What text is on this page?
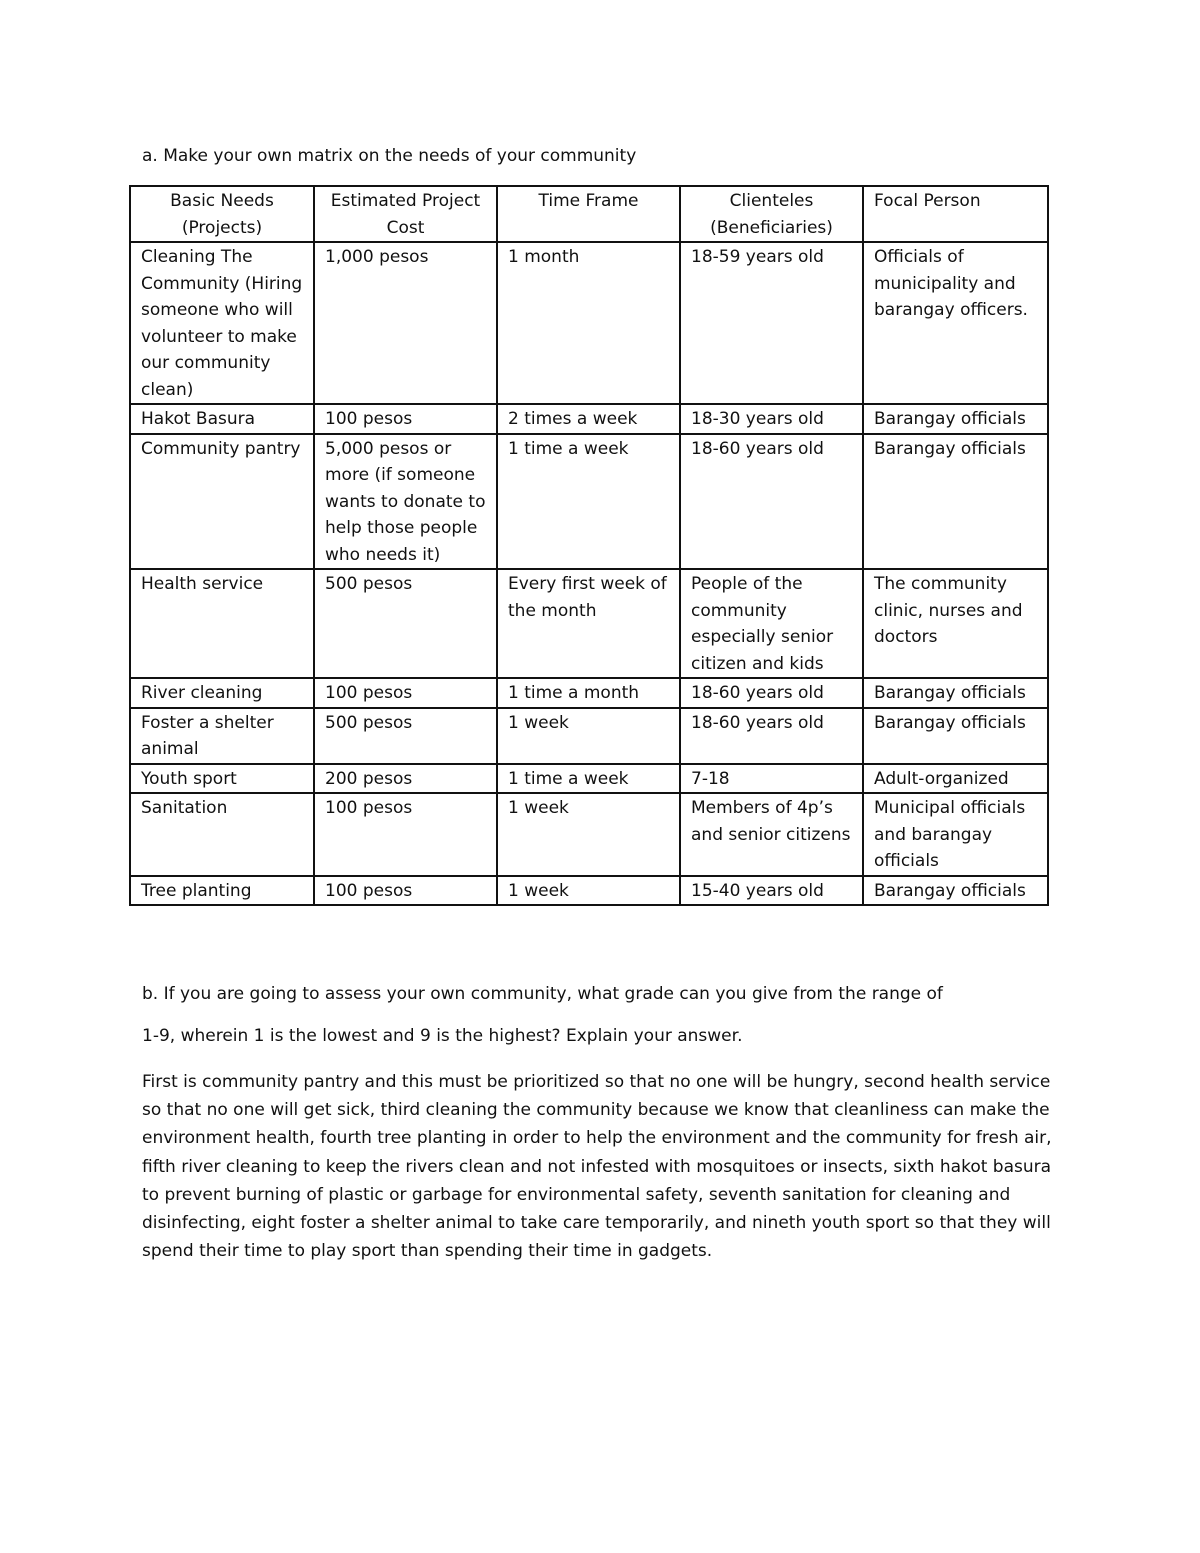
a. Make your own matrix on the needs of your community

Basic Needs (Projects)	Estimated Project Cost	Time Frame	Clienteles (Beneficiaries)	Focal Person
Cleaning The Community (Hiring someone who will volunteer to make our community clean)	1,000 pesos	1 month	18-59 years old	Officials of municipality and barangay officers.
Hakot Basura	100 pesos	2 times a week	18-30 years old	Barangay officials
Community pantry	5,000 pesos or more (if someone wants to donate to help those people who needs it)	1 time a week	18-60 years old	Barangay officials
Health service	500 pesos	Every first week of the month	People of the community especially senior citizen and kids	The community clinic, nurses and doctors
River cleaning	100 pesos	1 time a month	18-60 years old	Barangay officials
Foster a shelter animal	500 pesos	1 week	18-60 years old	Barangay officials
Youth sport	200 pesos	1 time a week	7-18	Adult-organized
Sanitation	100 pesos	1 week	Members of 4p’s and senior citizens	Municipal officials and barangay officials
Tree planting	100 pesos	1 week	15-40 years old	Barangay officials

b. If you are going to assess your own community, what grade can you give from the range of

1-9, wherein 1 is the lowest and 9 is the highest? Explain your answer.

First is community pantry and this must be prioritized so that no one will be hungry, second health service so that no one will get sick, third cleaning the community because we know that cleanliness can make the environment health, fourth tree planting in order to help the environment and the community for fresh air, fifth river cleaning to keep the rivers clean and not infested with mosquitoes or insects, sixth hakot basura to prevent burning of plastic or garbage for environmental safety, seventh sanitation for cleaning and disinfecting, eight foster a shelter animal to take care temporarily, and nineth youth sport so that they will spend their time to play sport than spending their time in gadgets.
